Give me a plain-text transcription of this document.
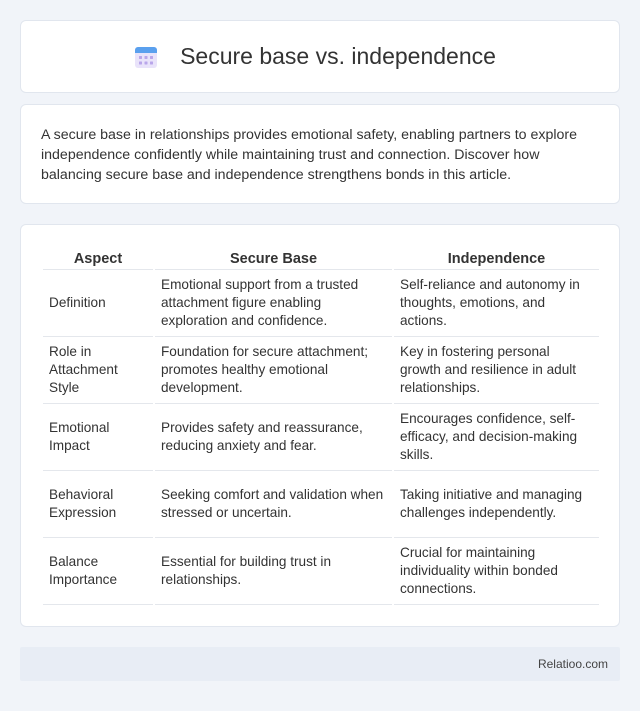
Secure base vs. independence

A secure base in relationships provides emotional safety, enabling partners to explore independence confidently while maintaining trust and connection. Discover how balancing secure base and independence strengthens bonds in this article.

Aspect	Secure Base	Independence
Definition	Emotional support from a trusted attachment figure enabling exploration and confidence.	Self-reliance and autonomy in thoughts, emotions, and actions.
Role in Attachment Style	Foundation for secure attachment; promotes healthy emotional development.	Key in fostering personal growth and resilience in adult relationships.
Emotional Impact	Provides safety and reassurance, reducing anxiety and fear.	Encourages confidence, self-efficacy, and decision-making skills.
Behavioral Expression	Seeking comfort and validation when stressed or uncertain.	Taking initiative and managing challenges independently.
Balance Importance	Essential for building trust in relationships.	Crucial for maintaining individuality within bonded connections.
Relatioo.com
